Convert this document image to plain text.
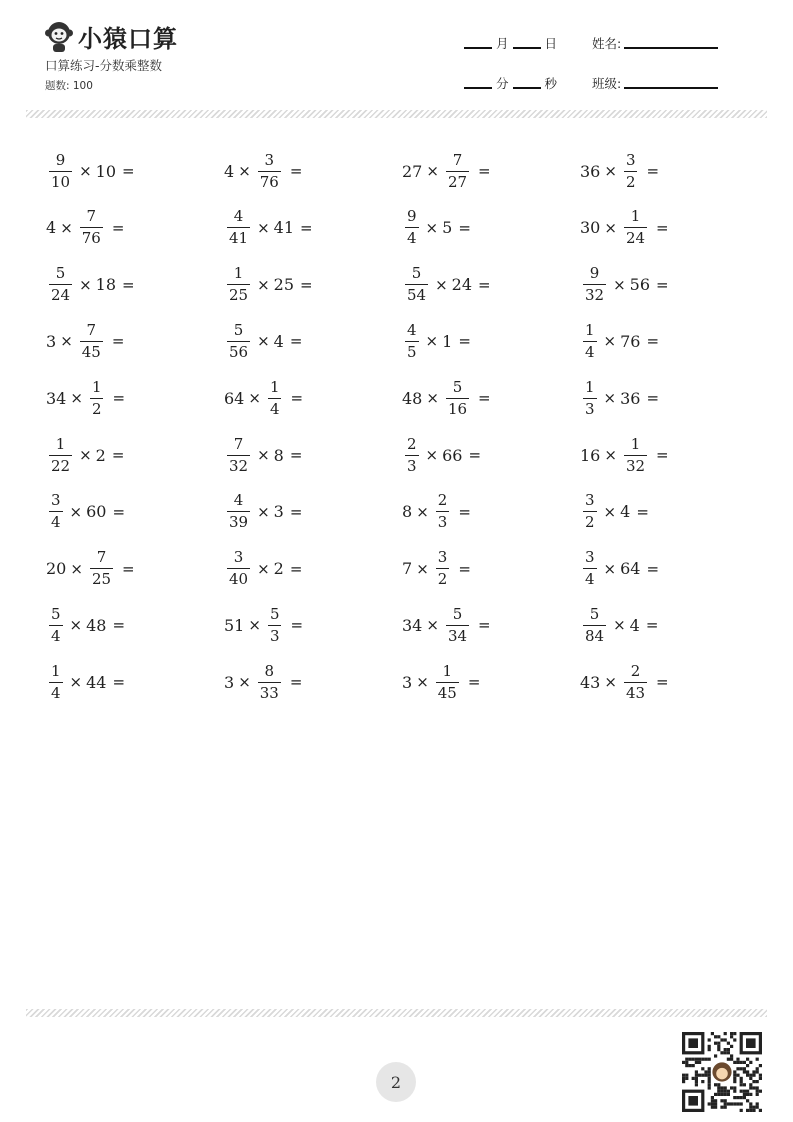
小猿口算
口算练习-分数乘整数
题数: 100
月	日	姓名:
分	秒	班级:
$\frac{9}{10} \times 10$ =	$4 \times \frac{3}{76}$ =	$27 \times \frac{7}{27}$ =	$36 \times \frac{3}{2}$ =
$4 \times \frac{7}{76}$ =	$\frac{4}{41} \times 41$ =	$\frac{9}{4} \times 5$ =	$30 \times \frac{1}{24}$ =
$\frac{5}{24} \times 18$ =	$\frac{1}{25} \times 25$ =	$\frac{5}{54} \times 24$ =	$\frac{9}{32} \times 56$ =
$3 \times \frac{7}{45}$ =	$\frac{5}{56} \times 4$ =	$\frac{4}{5} \times 1$ =	$\frac{1}{4} \times 76$ =
$34 \times \frac{1}{2}$ =	$64 \times \frac{1}{4}$ =	$48 \times \frac{5}{16}$ =	$\frac{1}{3} \times 36$ =
$\frac{1}{22} \times 2$ =	$\frac{7}{32} \times 8$ =	$\frac{2}{3} \times 66$ =	$16 \times \frac{1}{32}$ =
$\frac{3}{4} \times 60$ =	$\frac{4}{39} \times 3$ =	$8 \times \frac{2}{3}$ =	$\frac{3}{2} \times 4$ =
$20 \times \frac{7}{25}$ =	$\frac{3}{40} \times 2$ =	$7 \times \frac{3}{2}$ =	$\frac{3}{4} \times 64$ =
$\frac{5}{4} \times 48$ =	$51 \times \frac{5}{3}$ =	$34 \times \frac{5}{34}$ =	$\frac{5}{84} \times 4$ =
$\frac{1}{4} \times 44$ =	$3 \times \frac{8}{33}$ =	$3 \times \frac{1}{45}$ =	$43 \times \frac{2}{43}$ =
2
